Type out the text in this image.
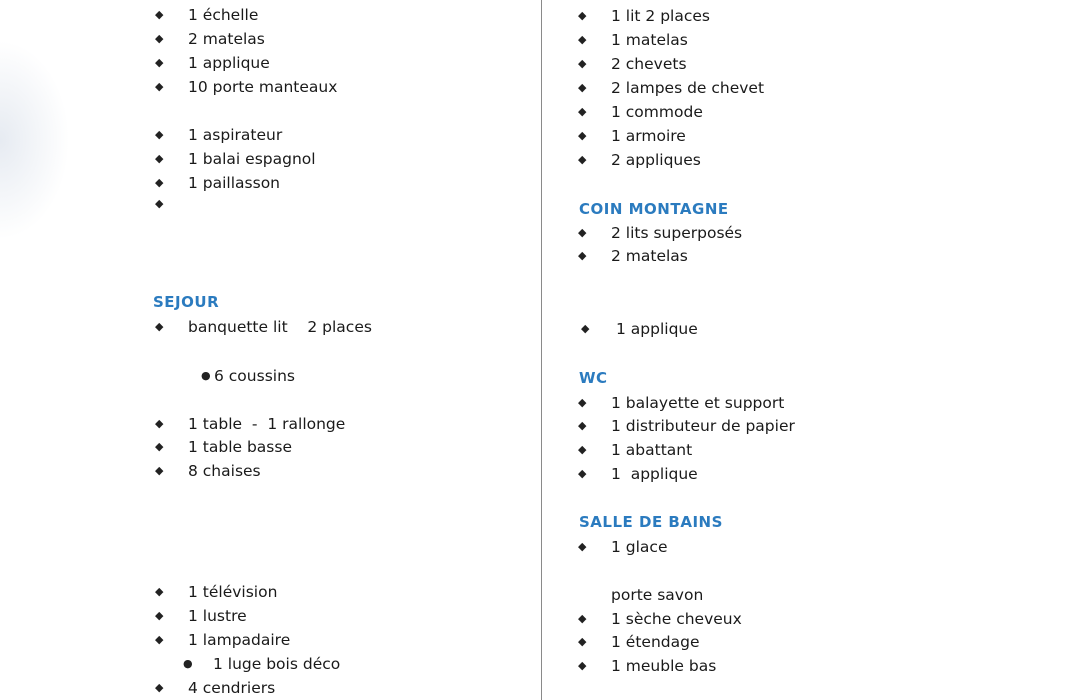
◆ 1 échelle
◆ 2 matelas
◆ 1 applique
◆ 10 porte manteaux
◆ 1 aspirateur
◆ 1 balai espagnol
◆ 1 paillasson
◆
SEJOUR
◆ banquette lit    2 places
● 6 coussins
◆ 1 table  -  1 rallonge
◆ 1 table basse
◆ 8 chaises
◆ 1 télévision
◆ 1 lustre
◆ 1 lampadaire
● 1 luge bois déco
◆ 4 cendriers
◆ 1 lit 2 places
◆ 1 matelas
◆ 2 chevets
◆ 2 lampes de chevet
◆ 1 commode
◆ 1 armoire
◆ 2 appliques
COIN MONTAGNE
◆ 2 lits superposés
◆ 2 matelas
◆ 1 applique
WC
◆ 1 balayette et support
◆ 1 distributeur de papier
◆ 1 abattant
◆ 1  applique
SALLE DE BAINS
◆ 1 glace
porte savon
◆ 1 sèche cheveux
◆ 1 étendage
◆ 1 meuble bas
